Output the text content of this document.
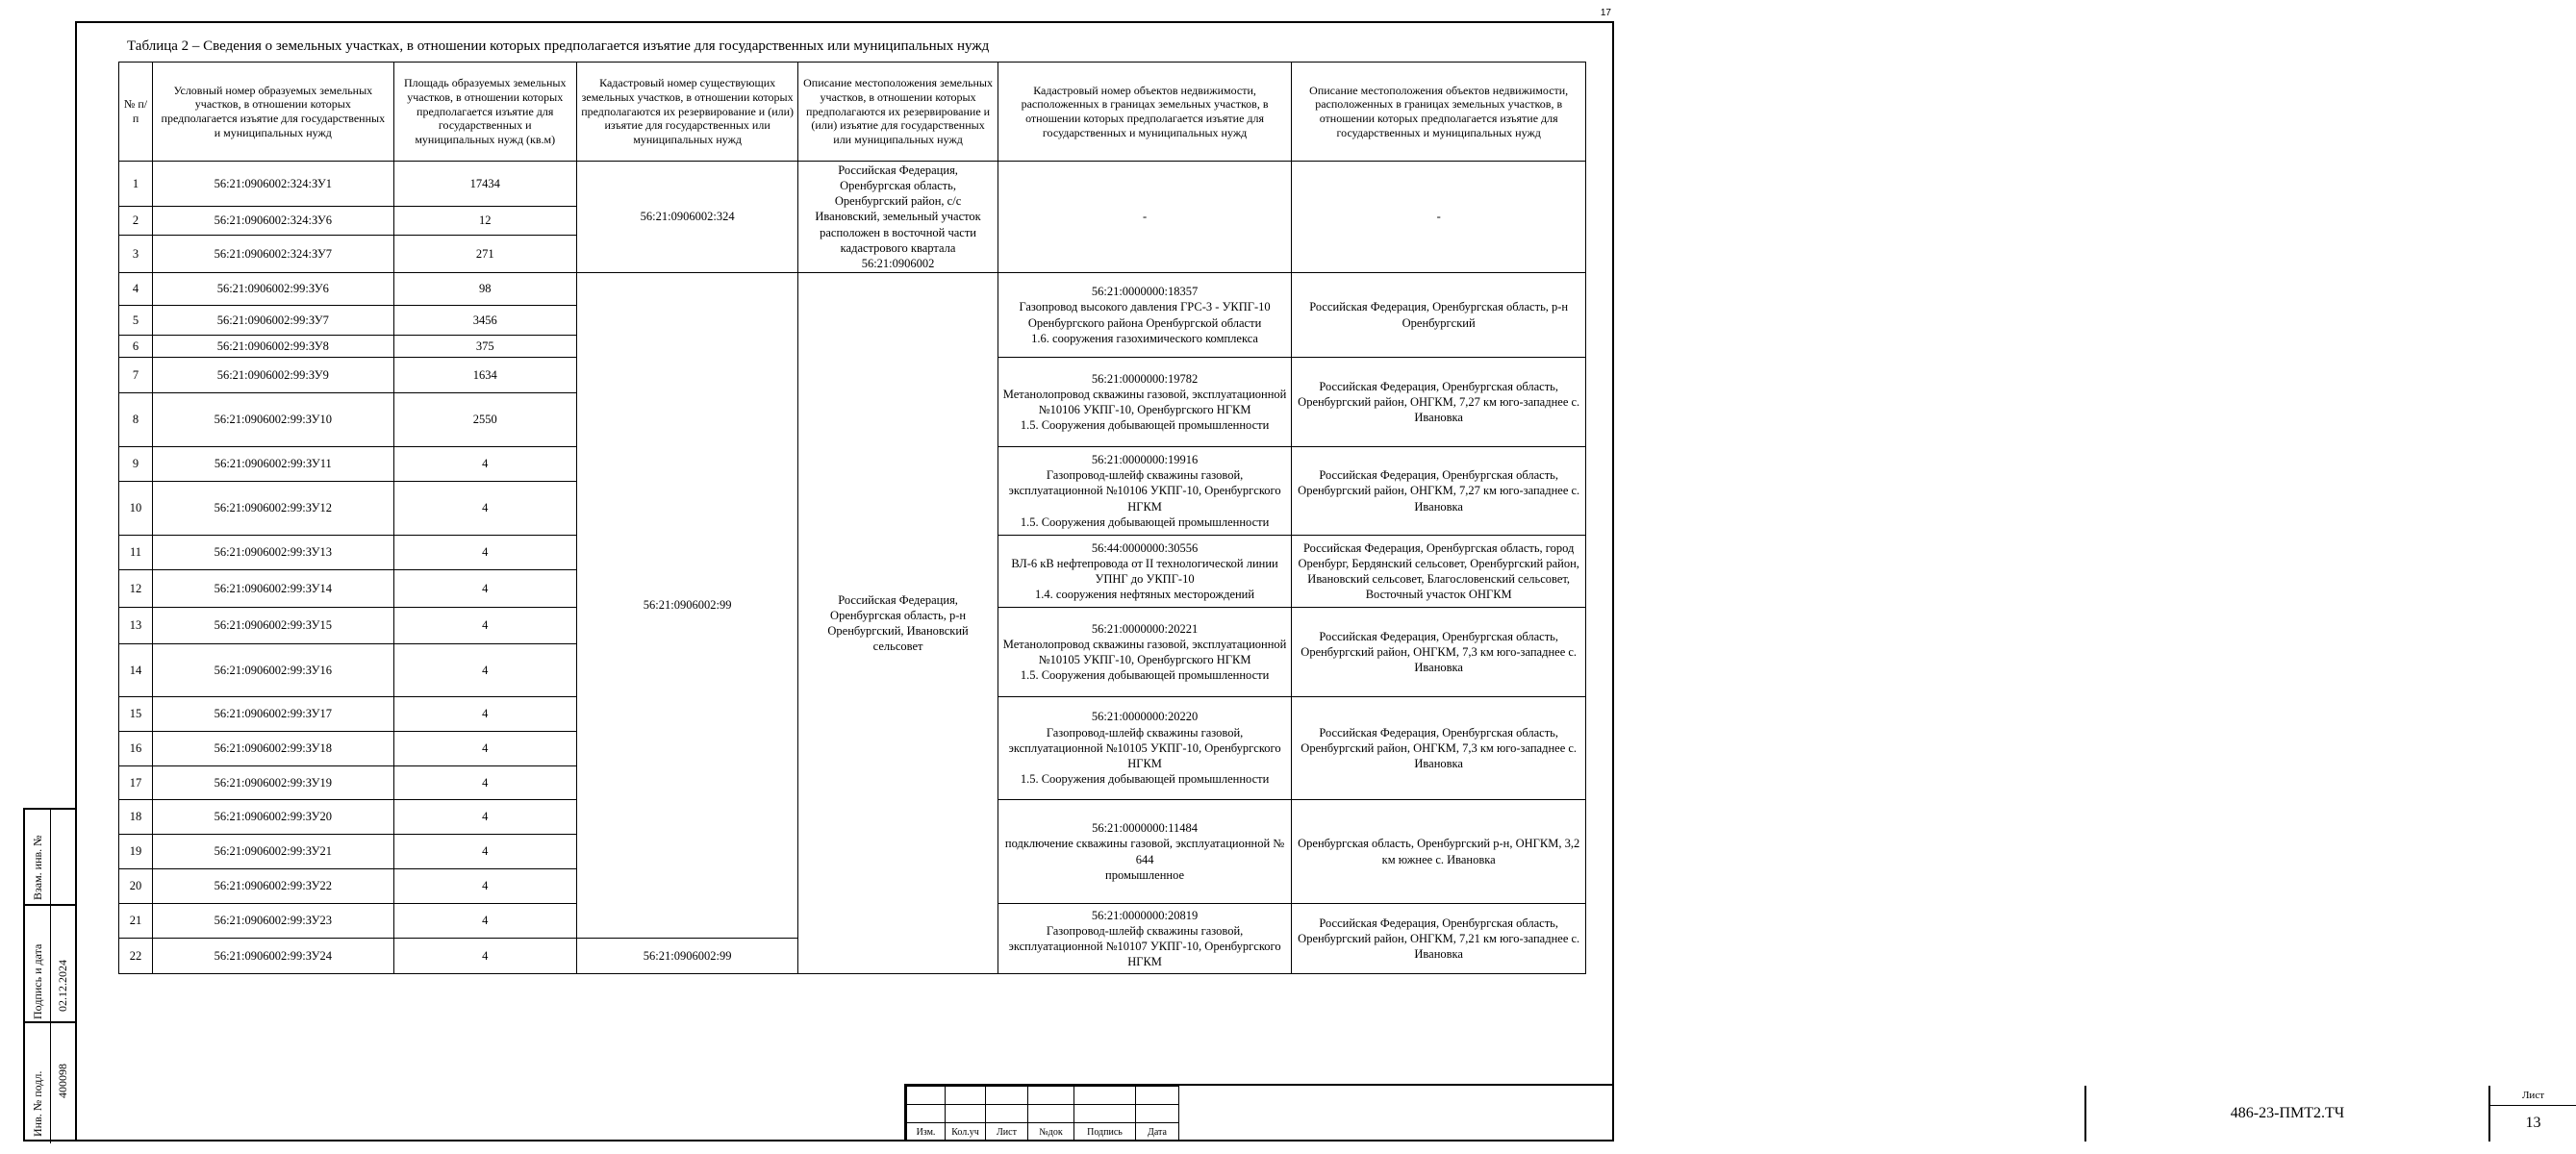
17
Таблица 2 – Сведения о земельных участках, в отношении которых предполагается изъятие для государственных или муниципальных нужд
№ п/п	Условный номер образуемых земельных участков, в отношении которых предполагается изъятие для государственных и муниципальных нужд	Площадь образуемых земельных участков, в отношении которых предполагается изъятие для государственных и муниципальных нужд (кв.м)	Кадастровый номер существующих земельных участков, в отношении которых предполагаются их резервирование и (или) изъятие для государственных или муниципальных нужд	Описание местоположения земельных участков, в отношении которых предполагаются их резервирование и (или) изъятие для государственных или муниципальных нужд	Кадастровый номер объектов недвижимости, расположенных в границах земельных участков, в отношении которых предполагается изъятие для государственных и муниципальных нужд	Описание местоположения объектов недвижимости, расположенных в границах земельных участков, в отношении которых предполагается изъятие для государственных и муниципальных нужд
1	56:21:0906002:324:ЗУ1	17434	56:21:0906002:324	Российская Федерация, Оренбургская область, Оренбургский район, с/с Ивановский, земельный участок расположен в восточной части кадастрового квартала 56:21:0906002	-	-
2	56:21:0906002:324:ЗУ6	12				
3	56:21:0906002:324:ЗУ7	271				
4	56:21:0906002:99:ЗУ6	98	56:21:0906002:99	Российская Федерация, Оренбургская область, р-н Оренбургский, Ивановский сельсовет	56:21:0000000:18357
Газопровод высокого давления ГРС-3 - УКПГ-10 Оренбургского района Оренбургской области
1.6. сооружения газохимического комплекса	Российская Федерация, Оренбургская область, р-н Оренбургский
5	56:21:0906002:99:ЗУ7	3456				
6	56:21:0906002:99:ЗУ8	375				
7	56:21:0906002:99:ЗУ9	1634			56:21:0000000:19782
Метанолопровод скважины газовой, эксплуатационной №10106 УКПГ-10, Оренбургского НГКМ
1.5. Сооружения добывающей промышленности	Российская Федерация, Оренбургская область, Оренбургский район, ОНГКМ, 7,27 км юго-западнее с. Ивановка
8	56:21:0906002:99:ЗУ10	2550				
9	56:21:0906002:99:ЗУ11	4			56:21:0000000:19916
Газопровод-шлейф скважины газовой, эксплуатационной №10106 УКПГ-10, Оренбургского НГКМ
1.5. Сооружения добывающей промышленности	Российская Федерация, Оренбургская область, Оренбургский район, ОНГКМ, 7,27 км юго-западнее с. Ивановка
10	56:21:0906002:99:ЗУ12	4				
11	56:21:0906002:99:ЗУ13	4			56:44:0000000:30556
ВЛ-6 кВ нефтепровода от II технологической линии УПНГ до УКПГ-10
1.4. сооружения нефтяных месторождений	Российская Федерация, Оренбургская область, город Оренбург, Бердянский сельсовет, Оренбургский район, Ивановский сельсовет, Благословенский сельсовет, Восточный участок ОНГКМ
12	56:21:0906002:99:ЗУ14	4				
13	56:21:0906002:99:ЗУ15	4			56:21:0000000:20221
Метанолопровод скважины газовой, эксплуатационной №10105 УКПГ-10, Оренбургского НГКМ
1.5. Сооружения добывающей промышленности	Российская Федерация, Оренбургская область, Оренбургский район, ОНГКМ, 7,3 км юго-западнее с. Ивановка
14	56:21:0906002:99:ЗУ16	4				
15	56:21:0906002:99:ЗУ17	4			56:21:0000000:20220
Газопровод-шлейф скважины газовой, эксплуатационной №10105 УКПГ-10, Оренбургского НГКМ
1.5. Сооружения добывающей промышленности	Российская Федерация, Оренбургская область, Оренбургский район, ОНГКМ, 7,3 км юго-западнее с. Ивановка
16	56:21:0906002:99:ЗУ18	4				
17	56:21:0906002:99:ЗУ19	4				
18	56:21:0906002:99:ЗУ20	4			56:21:0000000:11484
подключение скважины газовой, эксплуатационной № 644
промышленное	Оренбургская область, Оренбургский р-н, ОНГКМ, 3,2 км южнее с. Ивановка
19	56:21:0906002:99:ЗУ21	4				
20	56:21:0906002:99:ЗУ22	4				
21	56:21:0906002:99:ЗУ23	4			56:21:0000000:20819
Газопровод-шлейф скважины газовой, эксплуатационной №10107 УКПГ-10, Оренбургского НГКМ	Российская Федерация, Оренбургская область, Оренбургский район, ОНГКМ, 7,21 км юго-западнее с. Ивановка
22	56:21:0906002:99:ЗУ24	4	56:21:0906002:99			
Взам. инв. №
Подпись и дата 02.12.2024
Инв. № подл. 400098

Изм.	Кол.уч	Лист	№док	Подпись	Дата
486-23-ПМТ2.ТЧ
Лист
13
